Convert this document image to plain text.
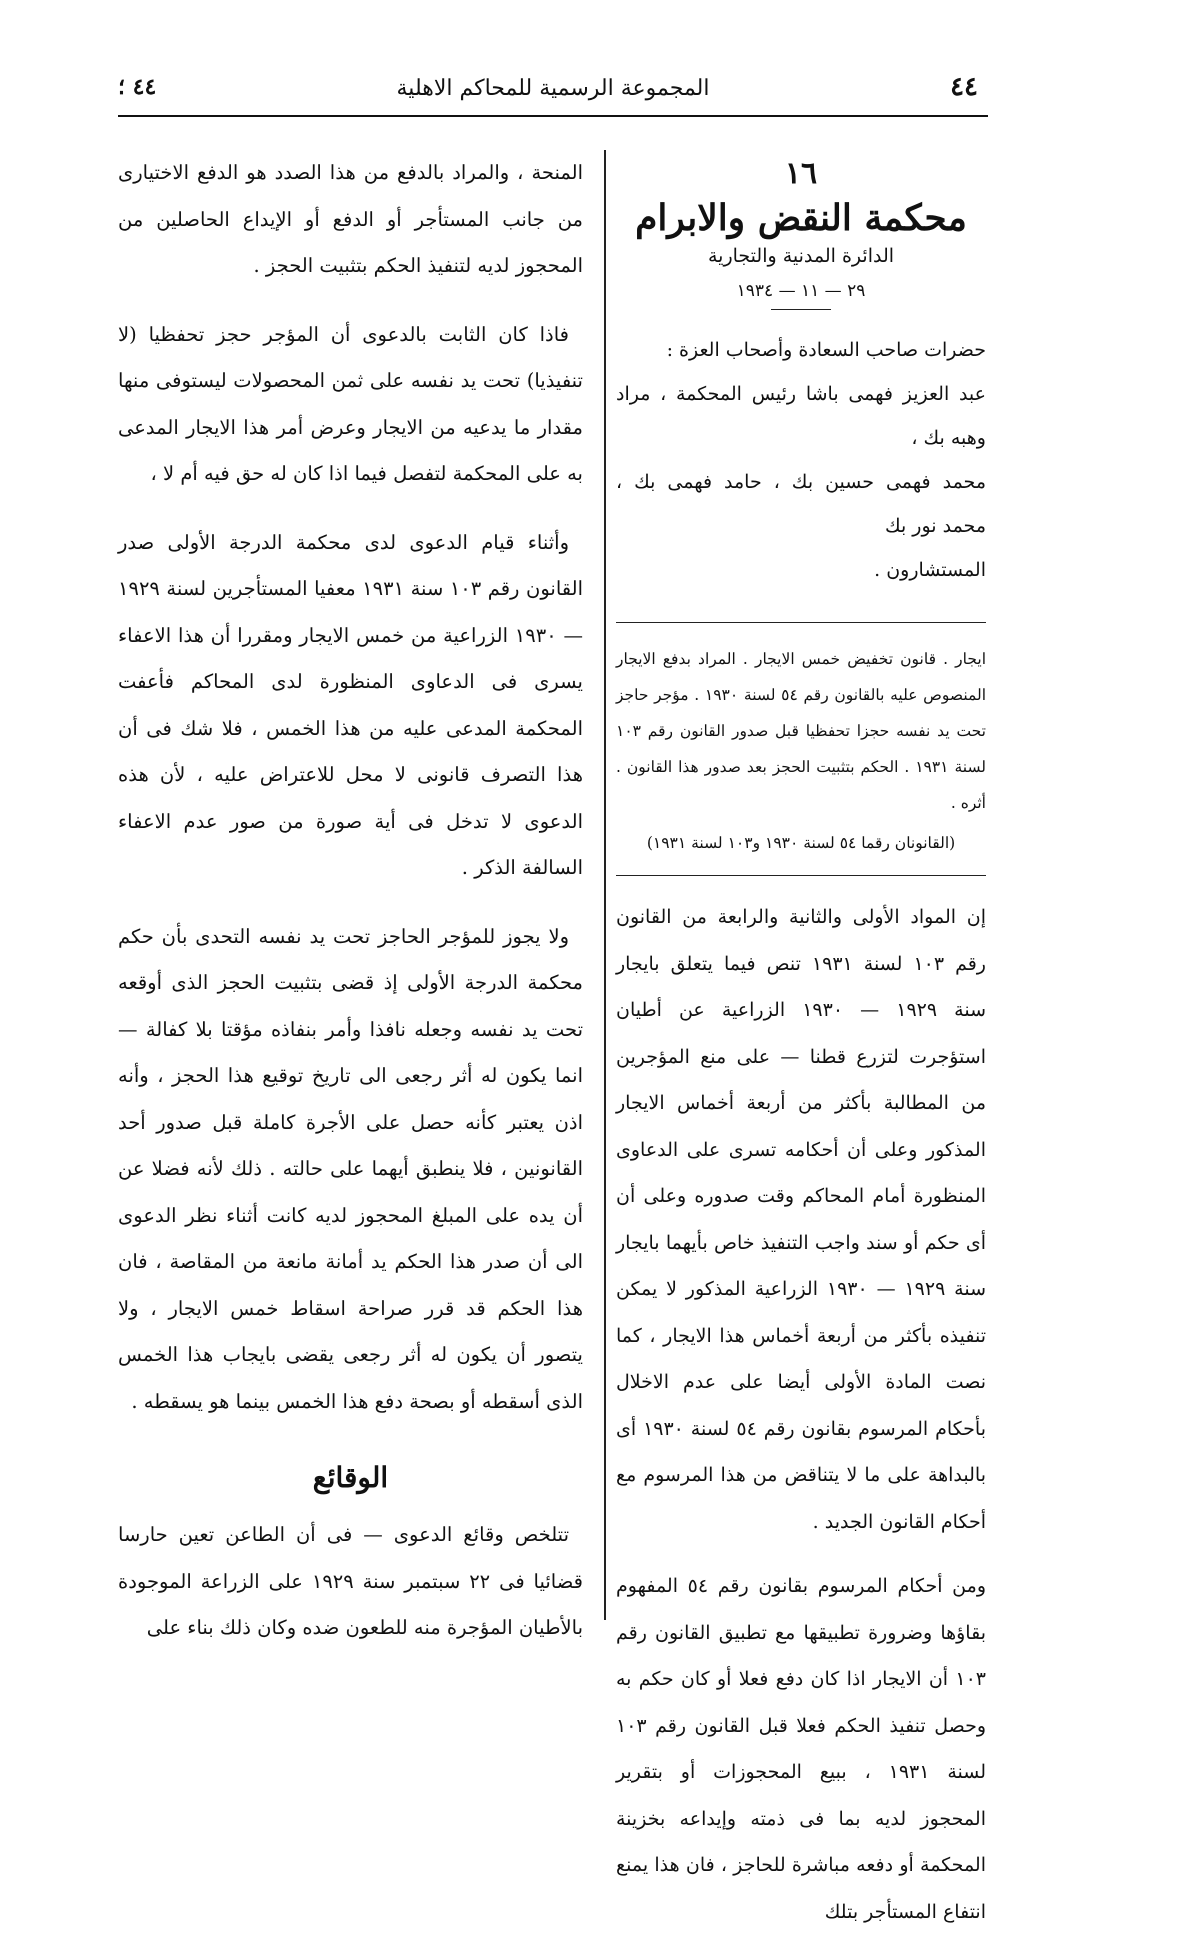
٤٤
المجموعة الرسمية للمحاكم الاهلية
٤٤ ؛
١٦
محكمة النقض والابرام
الدائرة المدنية والتجارية
٢٩ — ١١ — ١٩٣٤

حضرات صاحب السعادة وأصحاب العزة :

عبد العزيز فهمى باشا رئيس المحكمة ، مراد وهبه بك ،

محمد فهمى حسين بك ، حامد فهمى بك ، محمد نور بك

المستشارون .

ايجار . قانون تخفيض خمس الايجار . المراد بدفع الايجار المنصوص عليه بالقانون رقم ٥٤ لسنة ١٩٣٠ . مؤجر حاجز تحت يد نفسه حجزا تحفظيا قبل صدور القانون رقم ١٠٣ لسنة ١٩٣١ . الحكم بتثبيت الحجز بعد صدور هذا القانون . أثره .

(القانونان رقما ٥٤ لسنة ١٩٣٠ و١٠٣ لسنة ١٩٣١)

إن المواد الأولى والثانية والرابعة من القانون رقم ١٠٣ لسنة ١٩٣١ تنص فيما يتعلق بايجار سنة ١٩٢٩ — ١٩٣٠ الزراعية عن أطيان استؤجرت لتزرع قطنا — على منع المؤجرين من المطالبة بأكثر من أربعة أخماس الايجار المذكور وعلى أن أحكامه تسرى على الدعاوى المنظورة أمام المحاكم وقت صدوره وعلى أن أى حكم أو سند واجب التنفيذ خاص بأيهما بايجار سنة ١٩٢٩ — ١٩٣٠ الزراعية المذكور لا يمكن تنفيذه بأكثر من أربعة أخماس هذا الايجار ، كما نصت المادة الأولى أيضا على عدم الاخلال بأحكام المرسوم بقانون رقم ٥٤ لسنة ١٩٣٠ أى بالبداهة على ما لا يتناقض من هذا المرسوم مع أحكام القانون الجديد .

ومن أحكام المرسوم بقانون رقم ٥٤ المفهوم بقاؤها وضرورة تطبيقها مع تطبيق القانون رقم ١٠٣ أن الايجار اذا كان دفع فعلا أو كان حكم به وحصل تنفيذ الحكم فعلا قبل القانون رقم ١٠٣ لسنة ١٩٣١ ، ببيع المحجوزات أو بتقرير المحجوز لديه بما فى ذمته وإيداعه بخزينة المحكمة أو دفعه مباشرة للحاجز ، فان هذا يمنع انتفاع المستأجر بتلك

المنحة ، والمراد بالدفع من هذا الصدد هو الدفع الاختيارى من جانب المستأجر أو الدفع أو الإيداع الحاصلين من المحجوز لديه لتنفيذ الحكم بتثبيت الحجز .

فاذا كان الثابت بالدعوى أن المؤجر حجز تحفظيا (لا تنفيذيا) تحت يد نفسه على ثمن المحصولات ليستوفى منها مقدار ما يدعيه من الايجار وعرض أمر هذا الايجار المدعى به على المحكمة لتفصل فيما اذا كان له حق فيه أم لا ،

وأثناء قيام الدعوى لدى محكمة الدرجة الأولى صدر القانون رقم ١٠٣ سنة ١٩٣١ معفيا المستأجرين لسنة ١٩٢٩ — ١٩٣٠ الزراعية من خمس الايجار ومقررا أن هذا الاعفاء يسرى فى الدعاوى المنظورة لدى المحاكم فأعفت المحكمة المدعى عليه من هذا الخمس ، فلا شك فى أن هذا التصرف قانونى لا محل للاعتراض عليه ، لأن هذه الدعوى لا تدخل فى أية صورة من صور عدم الاعفاء السالفة الذكر .

ولا يجوز للمؤجر الحاجز تحت يد نفسه التحدى بأن حكم محكمة الدرجة الأولى إذ قضى بتثبيت الحجز الذى أوقعه تحت يد نفسه وجعله نافذا وأمر بنفاذه مؤقتا بلا كفالة — انما يكون له أثر رجعى الى تاريخ توقيع هذا الحجز ، وأنه اذن يعتبر كأنه حصل على الأجرة كاملة قبل صدور أحد القانونين ، فلا ينطبق أيهما على حالته . ذلك لأنه فضلا عن أن يده على المبلغ المحجوز لديه كانت أثناء نظر الدعوى الى أن صدر هذا الحكم يد أمانة مانعة من المقاصة ، فان هذا الحكم قد قرر صراحة اسقاط خمس الايجار ، ولا يتصور أن يكون له أثر رجعى يقضى بايجاب هذا الخمس الذى أسقطه أو بصحة دفع هذا الخمس بينما هو يسقطه .

الوقائع

تتلخص وقائع الدعوى — فى أن الطاعن تعين حارسا قضائيا فى ٢٢ سبتمبر سنة ١٩٢٩ على الزراعة الموجودة بالأطيان المؤجرة منه للطعون ضده وكان ذلك بناء على
